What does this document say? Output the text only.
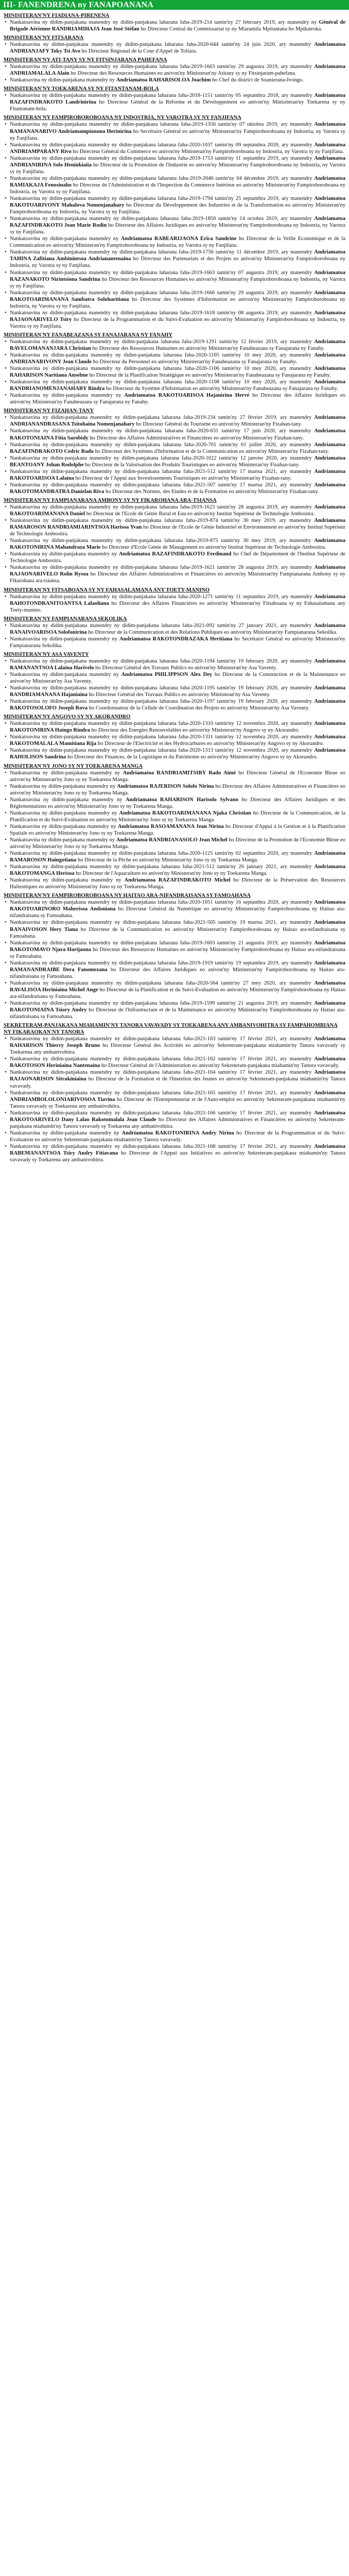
III- FANENDRENA ny FANAPOANANA
MINISITERAN'NY FIADIANA-PIRENENA

• Nankatoavina ny didim-panjakana manendry ny didim-panjakana laharana faha-2019-214 tamin'ny 27 febroary 2019, ary manendry ny Général de Brigade Aérienne RANDRIAMIHAJA Jean José Stéfan ho Directeur Central du Commissariat sy ny Miaramila Mpitantana ho Mpikatroka.

MINISITERAN'NY FITSARANA

• Nankatoavina ny didim-panjakana manendry ny didim-panjakana laharana faha-2020-644 tamin'ny 24 juin 2020, ary manendry Andriamatoa ANDRIANJAFY Toky Tsi Avo ho Directeur Régional de la Cour d'Appel de Toliara.

MINISITERAN'NY ATI-TANY SY NY FITSINJARANA PAHEFANA

• Nankatoavina ny didim-panjakana manendry ny didim-panjakana laharana faha-2019-1663 tamin'ny 29 augustra 2019, ary manendry Andriamatoa ANDRIAMALALA Alain ho Directeur des Ressources Humaines eo anivon'ny Ministeran'ny Atitany sy ny Fitsinjaram-pahefana.

• Nankatoavina ny didim-panjakana manendry ny Andriamatoa RAHARISOLOA Joachim ho Chef du district de Soanierana-Ivongo.

MINISITERAN'NY TOEKARENA SY NY FITANTANAM-BOLA

• Nankatoavina ny didim-panjakana manendry ny didim-panjakana laharana faha-2018-1151 tamin'ny 05 septambra 2018, ary manendry Andriamatoa RAZAFINDRAKOTO Landrinirina ho Directeur Général de la Réforme et du Développement eo anivon'ny Minisiteran'ny Toekarena sy ny Fitantanam-bola.

MINISITERAN'NY FAMPIROBOROBOANA NY INDOSTRIA, NY VAROTRA SY NY FANJIFANA

• Nankatoavina ny didim-panjakana manendry ny didim-panjakana laharana faha-2019-1356 tamin'ny 07 oktobra 2019, ary manendry Andriamatoa RAMANANARIVO Andriamampionona Herinirina ho Secrétaire Général eo anivon'ny Ministeran'ny Fampiroboroboana ny Indostria, ny Varotra sy ny Fanjifana.

• Nankatoavina ny didim-panjakana manendry ny didim-panjakana laharana faha-2020-1037 tamin'ny 09 septambra 2020, ary manendry Andriamatoa ANDRIAMPARANY Rivo ho Directeur Général du Commerce eo anivon'ny Ministeran'ny Fampiroboroboana ny Indostria, ny Varotra sy ny Fanjifana.

• Nankatoavina ny didim-panjakana manendry ny didim-panjakana laharana faha-2019-1753 tamin'ny 11 septambra 2019, ary manendry Andriamatoa ANDRIANIRINA Solo Heninkiaiia ho Directeur de la Promotion de l'Industrie eo anivon'ny Ministeran'ny Fampiroboroboana ny Indostria, ny Varotra sy ny Fanjifana.

• Nankatoavina ny didim-panjakana manendry ny didim-panjakana laharana faha-2019-2046 tamin'ny 04 décembre 2019, ary manendry Andriamatoa RAMIAKAJA Fenosinaho ho Directeur de l'Administration et de l'Inspection du Commerce Intérieur eo anivon'ny Ministeran'ny Fampiroboroboana ny Indostria, ny Varotra sy ny Fanjifana.

• Nankatoavina ny didim-panjakana manendry ny didim-panjakana laharana faha-2019-1794 tamin'ny 25 septambra 2019, ary manendry Andriamatoa RAKOTOARIVONY Mahalova Nomenjanahary ho Directeur du Développement des Industries et de la Transformation eo anivon'ny Ministeran'ny Fampiroboroboana ny Indostria, ny Varotra sy ny Fanjifana.

• Nankatoavina ny didim-panjakana manendry ny didim-panjakana laharana faha-2019-1850 tamin'ny 14 octobra 2019, ary manendry Andriamatoa RAZAFINDRAKOTO Jean Marie Rodin ho Directeur des Affaires Juridiques eo anivon'ny Ministeran'ny Fampiroboroboana ny Indostria, ny Varotra sy ny Fanjifana.

• Nankatoavina ny didim-panjakana manendry ny Andriamatoa RABEARIJAONA Erica Sandrine ho Directeur de la Veille Economique et de la Communication eo anivon'ny Ministeran'ny Fampiroboroboana ny Indostria, ny Varotra sy ny Fanjifana.

• Nankatoavina ny didim-panjakana manendry ny didim-panjakana laharana faha-2019-1756 tamin'ny 11 décembre 2019, ary manendry Andriamatoa TAHINA Zafitiana Ambinintsoa Andrianantenaina ho Directeur des Partenariats et des Projets eo anivon'ny Ministeran'ny Fampiroboroboana ny Indostria, ny Varotra sy ny Fanjifana.

• Nankatoavina ny didim-panjakana manendry ny didim-panjakana laharana faha-2019-1663 tamin'ny 07 augustra 2019, ary manendry Andriamatoa RAZANAKOTO Nirintsiona Sandrina ho Directeur des Ressources Humaines eo anivon'ny Ministeran'ny Fampiroboroboana ny Indostria, ny Varotra sy ny Fanjifana.

• Nankatoavina ny didim-panjakana manendry ny didim-panjakana laharana faha-2019-1666 tamin'ny 29 augustra 2019, ary manendry Andriamatoa RAKOTOARIMANANA Sambatra Soloharitiana ho Directeur des Systèmes d'Information eo anivon'ny Ministeran'ny Fampiroboroboana ny Indostria, ny Varotra sy ny Fanjifana.

• Nankatoavina ny didim-panjakana manendry ny didim-panjakana laharana faha-2019-1618 tamin'ny 08 augustra 2019, ary manendry Andriamatoa RAJAONARIVELO Tsiry ho Directeur de la Programmation et du Suivi-Evaluation eo anivon'ny Ministeran'ny Fampiroboroboana ny Indostria, ny Varotra sy ny Fanjifana.

MINISITERAN'NY FANABEAZANA SY FANAJARANA NY FANAHY

• Nankatoavina ny didim-panjakana manendry ny didim-panjakana laharana faha-2019-1291 tamin'ny 12 février 2019, ary manendry Andriamatoa RAVELOMANANJARA Christian ho Directeur des Ressources Humaines eo anivon'ny Ministeran'ny Fanabeazana sy Fanajarana ny Fanahy.

• Nankatoavina ny didim-panjakana manendry ny didim-panjakana laharana faha-2020-1105 tamin'ny 10 mey 2020, ary manendry Andriamatoa ANDRIANARIVONY Jean Claude ho Directeur du Personnel eo anivon'ny Ministeran'ny Fanabeazana sy Fanajarana ny Fanahy.

• Nankatoavina ny didim-panjakana manendry ny didim-panjakana laharana faha-2020-1106 tamin'ny 10 mey 2020, ary manendry Andriamatoa RAHARISON Naritiana Anselme ho Directeur de la Planification Stratégique eo anivon'ny Ministeran'ny Fanabeazana sy Fanajarana ny Fanahy.

• Nankatoavina ny didim-panjakana manendry ny didim-panjakana laharana faha-2020-1108 tamin'ny 10 mey 2020, ary manendry Andriamatoa RANDRIANOMENJANAHARY Rindra ho Directeur du Système d'Information eo anivon'ny Ministeran'ny Fanabeazana sy Fanajarana ny Fanahy.

• Nankatoavina ny didim-panjakana manendry ny Andriamatoa RAKOTOARISOA Hajanirina Hervé ho Directeur des Affaires Juridiques eo anivon'ny Ministeran'ny Fanabeazana sy Fanajarana ny Fanahy.

MINISITERAN'NY FIZAHAN-TANY

• Nankatoavina ny didim-panjakana manendry ny didim-panjakana laharana faha-2019-234 tamin'ny 27 février 2019, ary manendry Andriamatoa ANDRIANANDRASANA Tsitohaina Nomenjanahary ho Directeur Général du Tourisme eo anivon'ny Ministeran'ny Fizahan-tany.

• Nankatoavina ny didim-panjakana manendry ny didim-panjakana laharana faha-2020-631 tamin'ny 17 juin 2020, ary manendry Andriamatoa RAKOTONIAINA Fitia Sarobidy ho Directeur des Affaires Administratives et Financières eo anivon'ny Ministeran'ny Fizahan-tany.

• Nankatoavina ny didim-panjakana manendry ny didim-panjakana laharana faha-2020-701 tamin'ny 01 juillet 2020, ary manendry Andriamatoa RAZAFINDRAKOTO Cedric Rado ho Directeur des Systèmes d'Information et de la Communication eo anivon'ny Ministeran'ny Fizahan-tany.

• Nankatoavina ny didim-panjakana manendry ny didim-panjakana laharana faha-2020-1022 tamin'ny 12 janvier 2020, ary manendry Andriamatoa BEANTOANY Johan Rodolphe ho Directeur de la Valorisation des Produits Touristiques eo anivon'ny Ministeran'ny Fizahan-tany.

• Nankatoavina ny didim-panjakana manendry ny didim-panjakana laharana faha-2021-512 tamin'ny 17 martsa 2021, ary manendry Andriamatoa RAKOTOARISOA Lalaina ho Directeur de l'Appui aux Investissements Touristiques eo anivon'ny Ministeran'ny Fizahan-tany.

• Nankatoavina ny didim-panjakana manendry ny didim-panjakana laharana faha-2021-507 tamin'ny 17 martsa 2021, ary manendry Andriamatoa RAKOTOMANDRATRA Danielan Riva ho Directeur des Normes, des Etudes et de la Formation eo anivon'ny Ministeran'ny Fizahan-tany.

MINISITERAN'NY FAMPIANARANA AMBONY SY NY FIKAROHANA ARA-TSIANSA

• Nankatoavina ny didim-panjakana manendry ny didim-panjakana laharana faha-2019-1623 tamin'ny 28 augustra 2019, ary manendry Andriamatoa RAKOTOARIMANANA Daniel ho Directeur de l'Ecole de Génie Rural et Eau eo anivon'ny Institut Supérieur de Technologie Ambositra.

• Nankatoavina ny didim-panjakana manendry ny didim-panjakana laharana faha-2019-874 tamin'ny 30 mey 2019, ary manendry Andriamatoa RAMAROSON RANDRIAMIARINTSOA Harisoa Yvan ho Directeur de l'Ecole de Génie Industriel et Environnement eo anivon'ny Institut Supérieur de Technologie Ambositra.

• Nankatoavina ny didim-panjakana manendry ny didim-panjakana laharana faha-2019-875 tamin'ny 30 mey 2019, ary manendry Andriamatoa RAKOTONIRINA Mahandraza Marie ho Directeur d'Ecole Génie de Management eo anivon'ny Institut Supérieur de Technologie Ambositra.

• Nankatoavina ny didim-panjakana manendry ny Andriamatoa RAZAFINDRAKOTO Ferdinand ho Chef de Département de l'Institut Supérieur de Technologie Ambositra.

• Nankatoavina ny didim-panjakana manendry ny didim-panjakana laharana faha-2019-1621 tamin'ny 28 augustra 2019, ary manendry Andriamatoa RAJAONARIVELO Rolin Rysoa ho Directeur des Affaires Administratives et Financières eo anivon'ny Ministeran'ny Fampianarana Ambony sy ny Fikarohana ara-tsiansa.

MINISITERAN'NY FITSABOANA SY NY FAHASALAMANA ANY TOETY-MANINO

• Nankatoavina ny didim-panjakana manendry ny didim-panjakana laharana faha-2020-1271 tamin'ny 11 septambra 2019, ary manendry Andriamatoa RAHOTONDRANITOANTSA Lalaoliana ho Directeur des Affaires Financières eo anivon'ny Ministeran'ny Fitsaboana sy ny Fahasalamana any Toety-manino.

MINISITERAN'NY FAMPIANARANA SEKOLIKA

• Nankatoavina ny didim-panjakana manendry ny didim-panjakana laharana faha-2021-092 tamin'ny 27 janoary 2021, ary manendry Andriamatoa RANAIVOARISOA Solofonirina ho Directeur de la Communication et des Relations Publiques eo anivon'ny Ministeran'ny Fampianarana Sekolika.

• Nankatoavina ny didim-panjakana manendry ny Andriamatoa RAKOTONDRAZAKA Heritiana ho Secrétaire Général eo anivon'ny Ministeran'ny Fampianarana Sekolika.

MINISITERAN'NY ASA VAVENTY

• Nankatoavina ny didim-panjakana manendry ny didim-panjakana laharana faha-2020-1194 tamin'ny 19 febroary 2020, ary manendry Andriamatoa RAMANANTSOA Lalaina Harivelo ho Directeur Général des Travaux Publics eo anivon'ny Ministeran'ny Asa Vaventy.

• Nankatoavina ny didim-panjakana manendry ny Andriamatoa PHILIPPSON Alex Dey ho Directeur de la Construction et de la Maintenance eo anivon'ny Ministeran'ny Asa Vaventy.

• Nankatoavina ny didim-panjakana manendry ny didim-panjakana laharana faha-2020-1195 tamin'ny 19 febroary 2020, ary manendry Andriamatoa RANDRIAMANANA Hajaniaina ho Directeur Général des Travaux Publics eo anivon'ny Ministeran'ny Asa Vaventy.

• Nankatoavina ny didim-panjakana manendry ny didim-panjakana laharana faha-2020-1197 tamin'ny 19 febroary 2020, ary manendry Andriamatoa RAKOTOSOLOFO Joseph Rova ho Coordonnateur de la Cellule de Coordination des Projets eo anivon'ny Ministeran'ny Asa Vaventy.

MINISITERAN'NY ANGOVO SY NY AKORANDRO

• Nankatoavina ny didim-panjakana manendry ny didim-panjakana laharana faha-2020-1310 tamin'ny 12 novembra 2020, ary manendry Andriamatoa RAKOTONIRINA Haingo Rindra ho Directeur des Energies Renouvelables eo anivon'ny Ministeran'ny Angovo sy ny Akorandro.

• Nankatoavina ny didim-panjakana manendry ny didim-panjakana laharana faha-2020-1311 tamin'ny 12 novembra 2020, ary manendry Andriamatoa RAKOTOMALALA Mamitiana Rija ho Directeur de l'Electricité et des Hydrocarbures eo anivon'ny Ministeran'ny Angovo sy ny Akorandro.

• Nankatoavina ny didim-panjakana manendry ny didim-panjakana laharana faha-2020-1313 tamin'ny 12 novembra 2020, ary manendry Andriamatoa RAHOLISON Sandrina ho Directeur des Finances, de la Logistique et du Patrimoine eo anivon'ny Ministeran'ny Angovo sy ny Akorandro.

MINISITERAN'NY JONO SY NY TOEKARENA MANGA

• Nankatoavina ny didim-panjakana manendry ny Andriamatoa RANDRIAMITSIRY Rado Aimé ho Directeur Général de l'Economie Bleue eo anivon'ny Ministeran'ny Jono sy ny Toekarena Manga.

• Nankatoavina ny didim-panjakana manendry ny Andriamatoa RAJERISON Solofo Nirina ho Directeur des Affaires Administratives et Financières eo anivon'ny Ministeran'ny Jono sy ny Toekarena Manga.

• Nankatoavina ny didim-panjakana manendry ny Andriamatoa RAHARISON Harisolo Sylvano ho Directeur des Affaires Juridiques et des Réglementations eo anivon'ny Ministeran'ny Jono sy ny Toekarena Manga.

• Nankatoavina ny didim-panjakana manendry ny Andriamatoa RAKOTOARIMANANA Njaka Christian ho Directeur de la Communication, de la Planification et du Suivi-Evaluation eo anivon'ny Ministeran'ny Jono sy ny Toekarena Manga.

• Nankatoavina ny didim-panjakana manendry ny Andriamatoa RASOAMANANA Jean Nirina ho Directeur d'Appui à la Gestion et à la Planification Spatiale eo anivon'ny Ministeran'ny Jono sy ny Toekarena Manga.

• Nankatoavina ny didim-panjakana manendry ny Andriamatoa RANDRIANASOLO Jean Michel ho Directeur de la Promotion de l'Economie Bleue eo anivon'ny Ministeran'ny Jono sy ny Toekarena Manga.

• Nankatoavina ny didim-panjakana manendry ny didim-panjakana laharana faha-2020-1125 tamin'ny 02 septambra 2020, ary manendry Andriamatoa RAMAROSON Haingotiana ho Directeur de la Pêche eo anivon'ny Ministeran'ny Jono sy ny Toekarena Manga.

• Nankatoavina ny didim-panjakana manendry ny didim-panjakana laharana faha-2021-512 tamin'ny 26 janoary 2021, ary manendry Andriamatoa RAKOTOMANGA Herisoa ho Directeur de l'Aquaculture eo anivon'ny Ministeran'ny Jono sy ny Toekarena Manga.

• Nankatoavina ny didim-panjakana manendry ny Andriamatoa RAZAFINDRAKOTO Michel ho Directeur de la Préservation des Ressources Halieutiques eo anivon'ny Ministeran'ny Jono sy ny Toekarena Manga.

MINISITERAN'NY FAMPIROBOROBOANA NY HAITAO ARA-NIFANDRAISANA SY FAMOAHANA

• Nankatoavina ny didim-panjakana manendry ny didim-panjakana laharana faha-2020-1051 tamin'ny 16 septambra 2020, ary manendry Andriamatoa RAKOTOARINORO Maherisoa Andoniana ho Directeur Général du Numérique eo anivon'ny Ministeran'ny Fampiroboroboana ny Haitao ara-nifandraisana sy Famoahana.

• Nankatoavina ny didim-panjakana manendry ny didim-panjakana laharana faha-2021-505 tamin'ny 19 martsa 2021, ary manendry Andriamatoa RANAIVOSON Hery Tiana ho Directeur de la Communication eo anivon'ny Ministeran'ny Fampiroboroboana ny Haitao ara-nifandraisana sy Famoahana.

• Nankatoavina ny didim-panjakana manendry ny didim-panjakana laharana faha-2019-1603 tamin'ny 21 augustra 2019, ary manendry Andriamatoa RAKOTOMAVO Njara Harijaona ho Directeur des Ressources Humaines eo anivon'ny Ministeran'ny Fampiroboroboana ny Haitao ara-nifandraisana sy Famoahana.

• Nankatoavina ny didim-panjakana manendry ny didim-panjakana laharana faha-2019-1919 tamin'ny 19 septambra 2019, ary manendry Andriamatoa RAMANANDRAIBE Dera Fanomezana ho Directeur des Affaires Juridiques eo anivon'ny Ministeran'ny Fampiroboroboana ny Haitao ara-nifandraisana sy Famoahana.

• Nankatoavina ny didim-panjakana manendry ny didim-panjakana laharana faha-2020-564 tamin'ny 27 mey 2020, ary manendry Andriamatoa RAVALISOA Heriniaina Michel Ange ho Directeur de la Planification et du Suivi-Evaluation eo anivon'ny Ministeran'ny Fampiroboroboana ny Haitao ara-nifandraisana sy Famoahana.

• Nankatoavina ny didim-panjakana manendry ny didim-panjakana laharana faha-2019-1599 tamin'ny 21 augustra 2019, ary manendry Andriamatoa RAKOTONIAINA Tsiory Andry ho Directeur de l'Infrastructure et de la Maintenance eo anivon'ny Ministeran'ny Fampiroboroboana ny Haitao ara-nifandraisana sy Famoahana.

SEKRETERAM-PANJAKANA MIAHAMIN'NY TANORA VAVAVADY SY TOEKARENA ANY AMBANIVOHITRA SY FAMPAHOMBIANA NY FIKARAOKAN'NY TANORA

• Nankatoavina ny didim-panjakana manendry ny didim-panjakana laharana faha-2021-163 tamin'ny 17 février 2021, ary manendry Andriamatoa RAHARISON Thierry Joseph Bruno ho Directeur Général des Activités eo anivon'ny Sekreteram-panjakana miahamin'ny Tanora vavavady sy Toekarena any ambanivohitra.

• Nankatoavina ny didim-panjakana manendry ny didim-panjakana laharana faha-2021-162 tamin'ny 17 février 2021, ary manendry Andriamatoa RAKOTOSON Heriniaina Nantenaina ho Directeur Général de l'Administration eo anivon'ny Sekreteram-panjakana miahamin'ny Tanora vavavady.

• Nankatoavina ny didim-panjakana manendry ny didim-panjakana laharana faha-2021-164 tamin'ny 17 février 2021, ary manendry Andriamatoa RAJAONARISON Sitrakiniaina ho Directeur de la Formation et de l'Insertion des Jeunes eo anivon'ny Sekreteram-panjakana miahamin'ny Tanora vavavady.

• Nankatoavina ny didim-panjakana manendry ny didim-panjakana laharana faha-2021-165 tamin'ny 17 février 2021, ary manendry Andriamatoa ANDRIAMBOLOLONIARIVOSOA Tiavina ho Directeur de l'Entrepreneuriat et de l'Auto-emploi eo anivon'ny Sekreteram-panjakana miahamin'ny Tanora vavavady sy Toekarena any ambanivohitra.

• Nankatoavina ny didim-panjakana manendry ny didim-panjakana laharana faha-2021-166 tamin'ny 17 février 2021, ary manendry Andriamatoa RAKOTOARIVELO Dany Lalao Rakotomalala Jean Claude ho Directeur des Affaires Administratives et Financières eo anivon'ny Sekreteram-panjakana miahamin'ny Tanora vavavady sy Toekarena any ambanivohitra.

• Nankatoavina ny didim-panjakana manendry ny Andriamatoa RAKOTONIRINA Andry Nirina ho Directeur de la Programmation et du Suivi-Evaluation eo anivon'ny Sekreteram-panjakana miahamin'ny Tanora vavavady.

• Nankatoavina ny didim-panjakana manendry ny didim-panjakana laharana faha-2021-168 tamin'ny 17 février 2021, ary manendry Andriamatoa RABEMANANTSOA Tsiry Andry Fitiavana ho Directeur de l'Appui aux Initiatives eo anivon'ny Sekreteram-panjakana miahamin'ny Tanora vavavady sy Toekarena any ambanivohitra.
